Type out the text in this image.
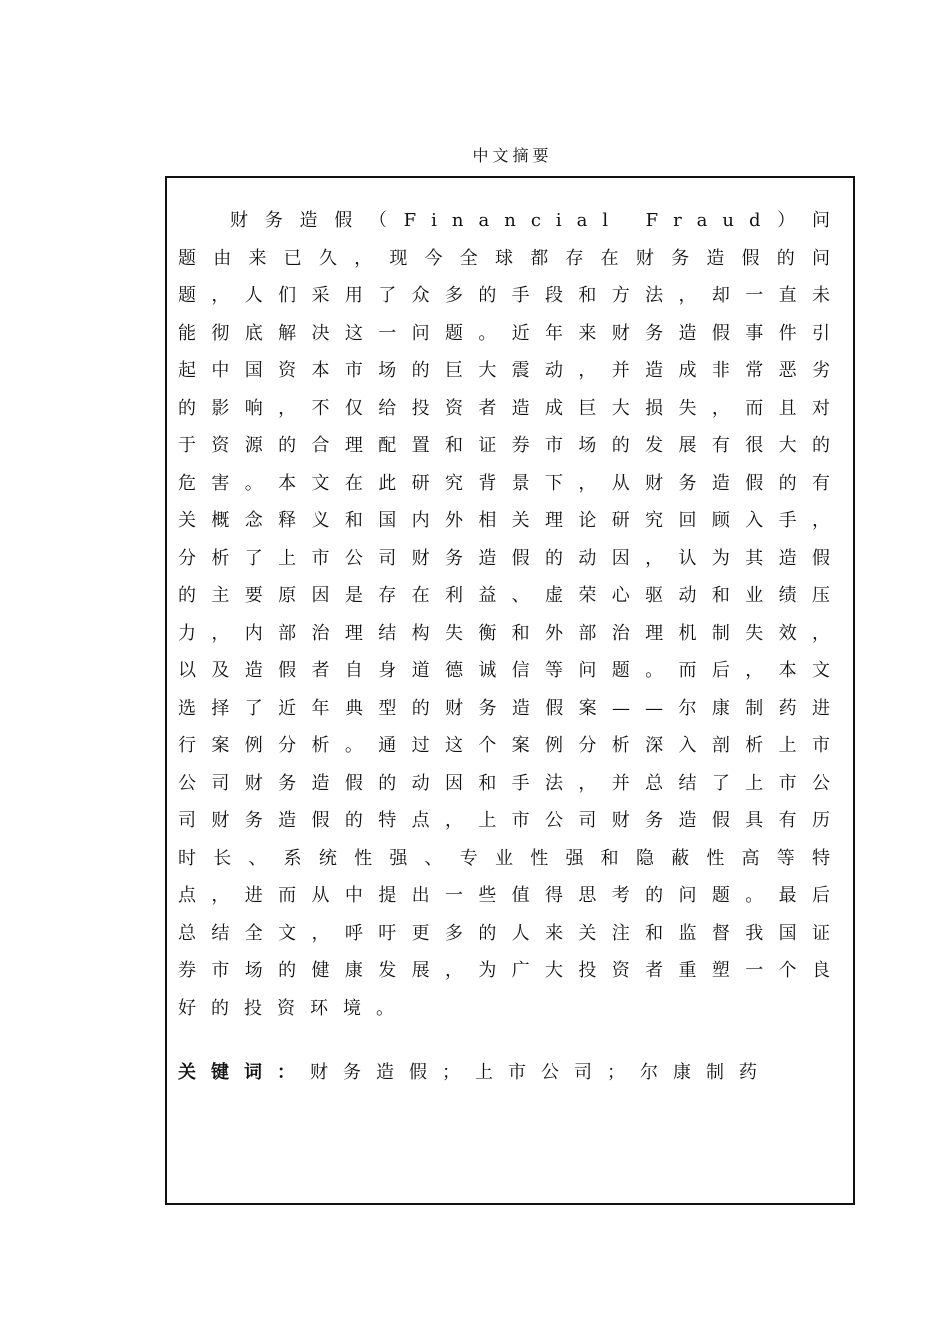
中文摘要

财务造假（Financial Fraud）问题由来已久，现今全球都存在财务造假的问题，人们采用了众多的手段和方法，却一直未能彻底解决这一问题。近年来财务造假事件引起中国资本市场的巨大震动，并造成非常恶劣的影响，不仅给投资者造成巨大损失，而且对于资源的合理配置和证券市场的发展有很大的危害。本文在此研究背景下，从财务造假的有关概念释义和国内外相关理论研究回顾入手，分析了上市公司财务造假的动因，认为其造假的主要原因是存在利益、虚荣心驱动和业绩压力，内部治理结构失衡和外部治理机制失效，以及造假者自身道德诚信等问题。而后，本文选择了近年典型的财务造假案——尔康制药进行案例分析。通过这个案例分析深入剖析上市公司财务造假的动因和手法，并总结了上市公司财务造假的特点，上市公司财务造假具有历时长、系统性强、专业性强和隐蔽性高等特点，进而从中提出一些值得思考的问题。最后总结全文，呼吁更多的人来关注和监督我国证券市场的健康发展，为广大投资者重塑一个良好的投资环境。

关键词：财务造假；上市公司；尔康制药
